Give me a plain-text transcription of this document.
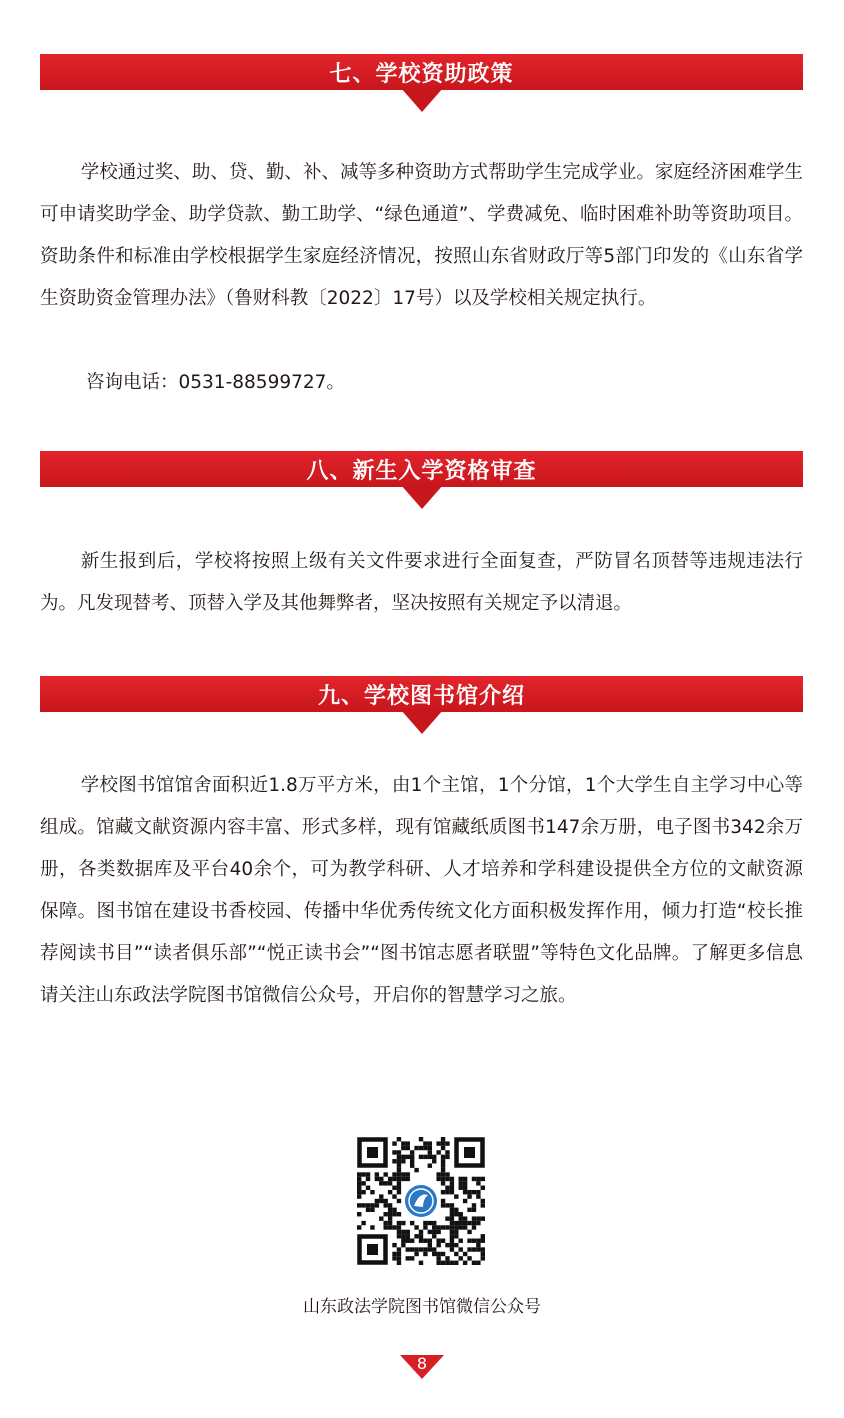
七、学校资助政策

学校通过奖、助、贷、勤、补、减等多种资助方式帮助学生完成学业。家庭经济困难学生可申请奖助学金、助学贷款、勤工助学、“绿色通道”、学费减免、临时困难补助等资助项目。资助条件和标准由学校根据学生家庭经济情况，按照山东省财政厅等5部门印发的《山东省学生资助资金管理办法》（鲁财科教〔2022〕17号）以及学校相关规定执行。

咨询电话：0531-88599727。

八、新生入学资格审查

新生报到后，学校将按照上级有关文件要求进行全面复查，严防冒名顶替等违规违法行为。凡发现替考、顶替入学及其他舞弊者，坚决按照有关规定予以清退。

九、学校图书馆介绍

学校图书馆馆舍面积近1.8万平方米，由1个主馆，1个分馆，1个大学生自主学习中心等组成。馆藏文献资源内容丰富、形式多样，现有馆藏纸质图书147余万册，电子图书342余万册，各类数据库及平台40余个，可为教学科研、人才培养和学科建设提供全方位的文献资源保障。图书馆在建设书香校园、传播中华优秀传统文化方面积极发挥作用，倾力打造“校长推荐阅读书目”“读者俱乐部”“悦正读书会”“图书馆志愿者联盟”等特色文化品牌。了解更多信息请关注山东政法学院图书馆微信公众号，开启你的智慧学习之旅。

山东政法学院图书馆微信公众号
8
